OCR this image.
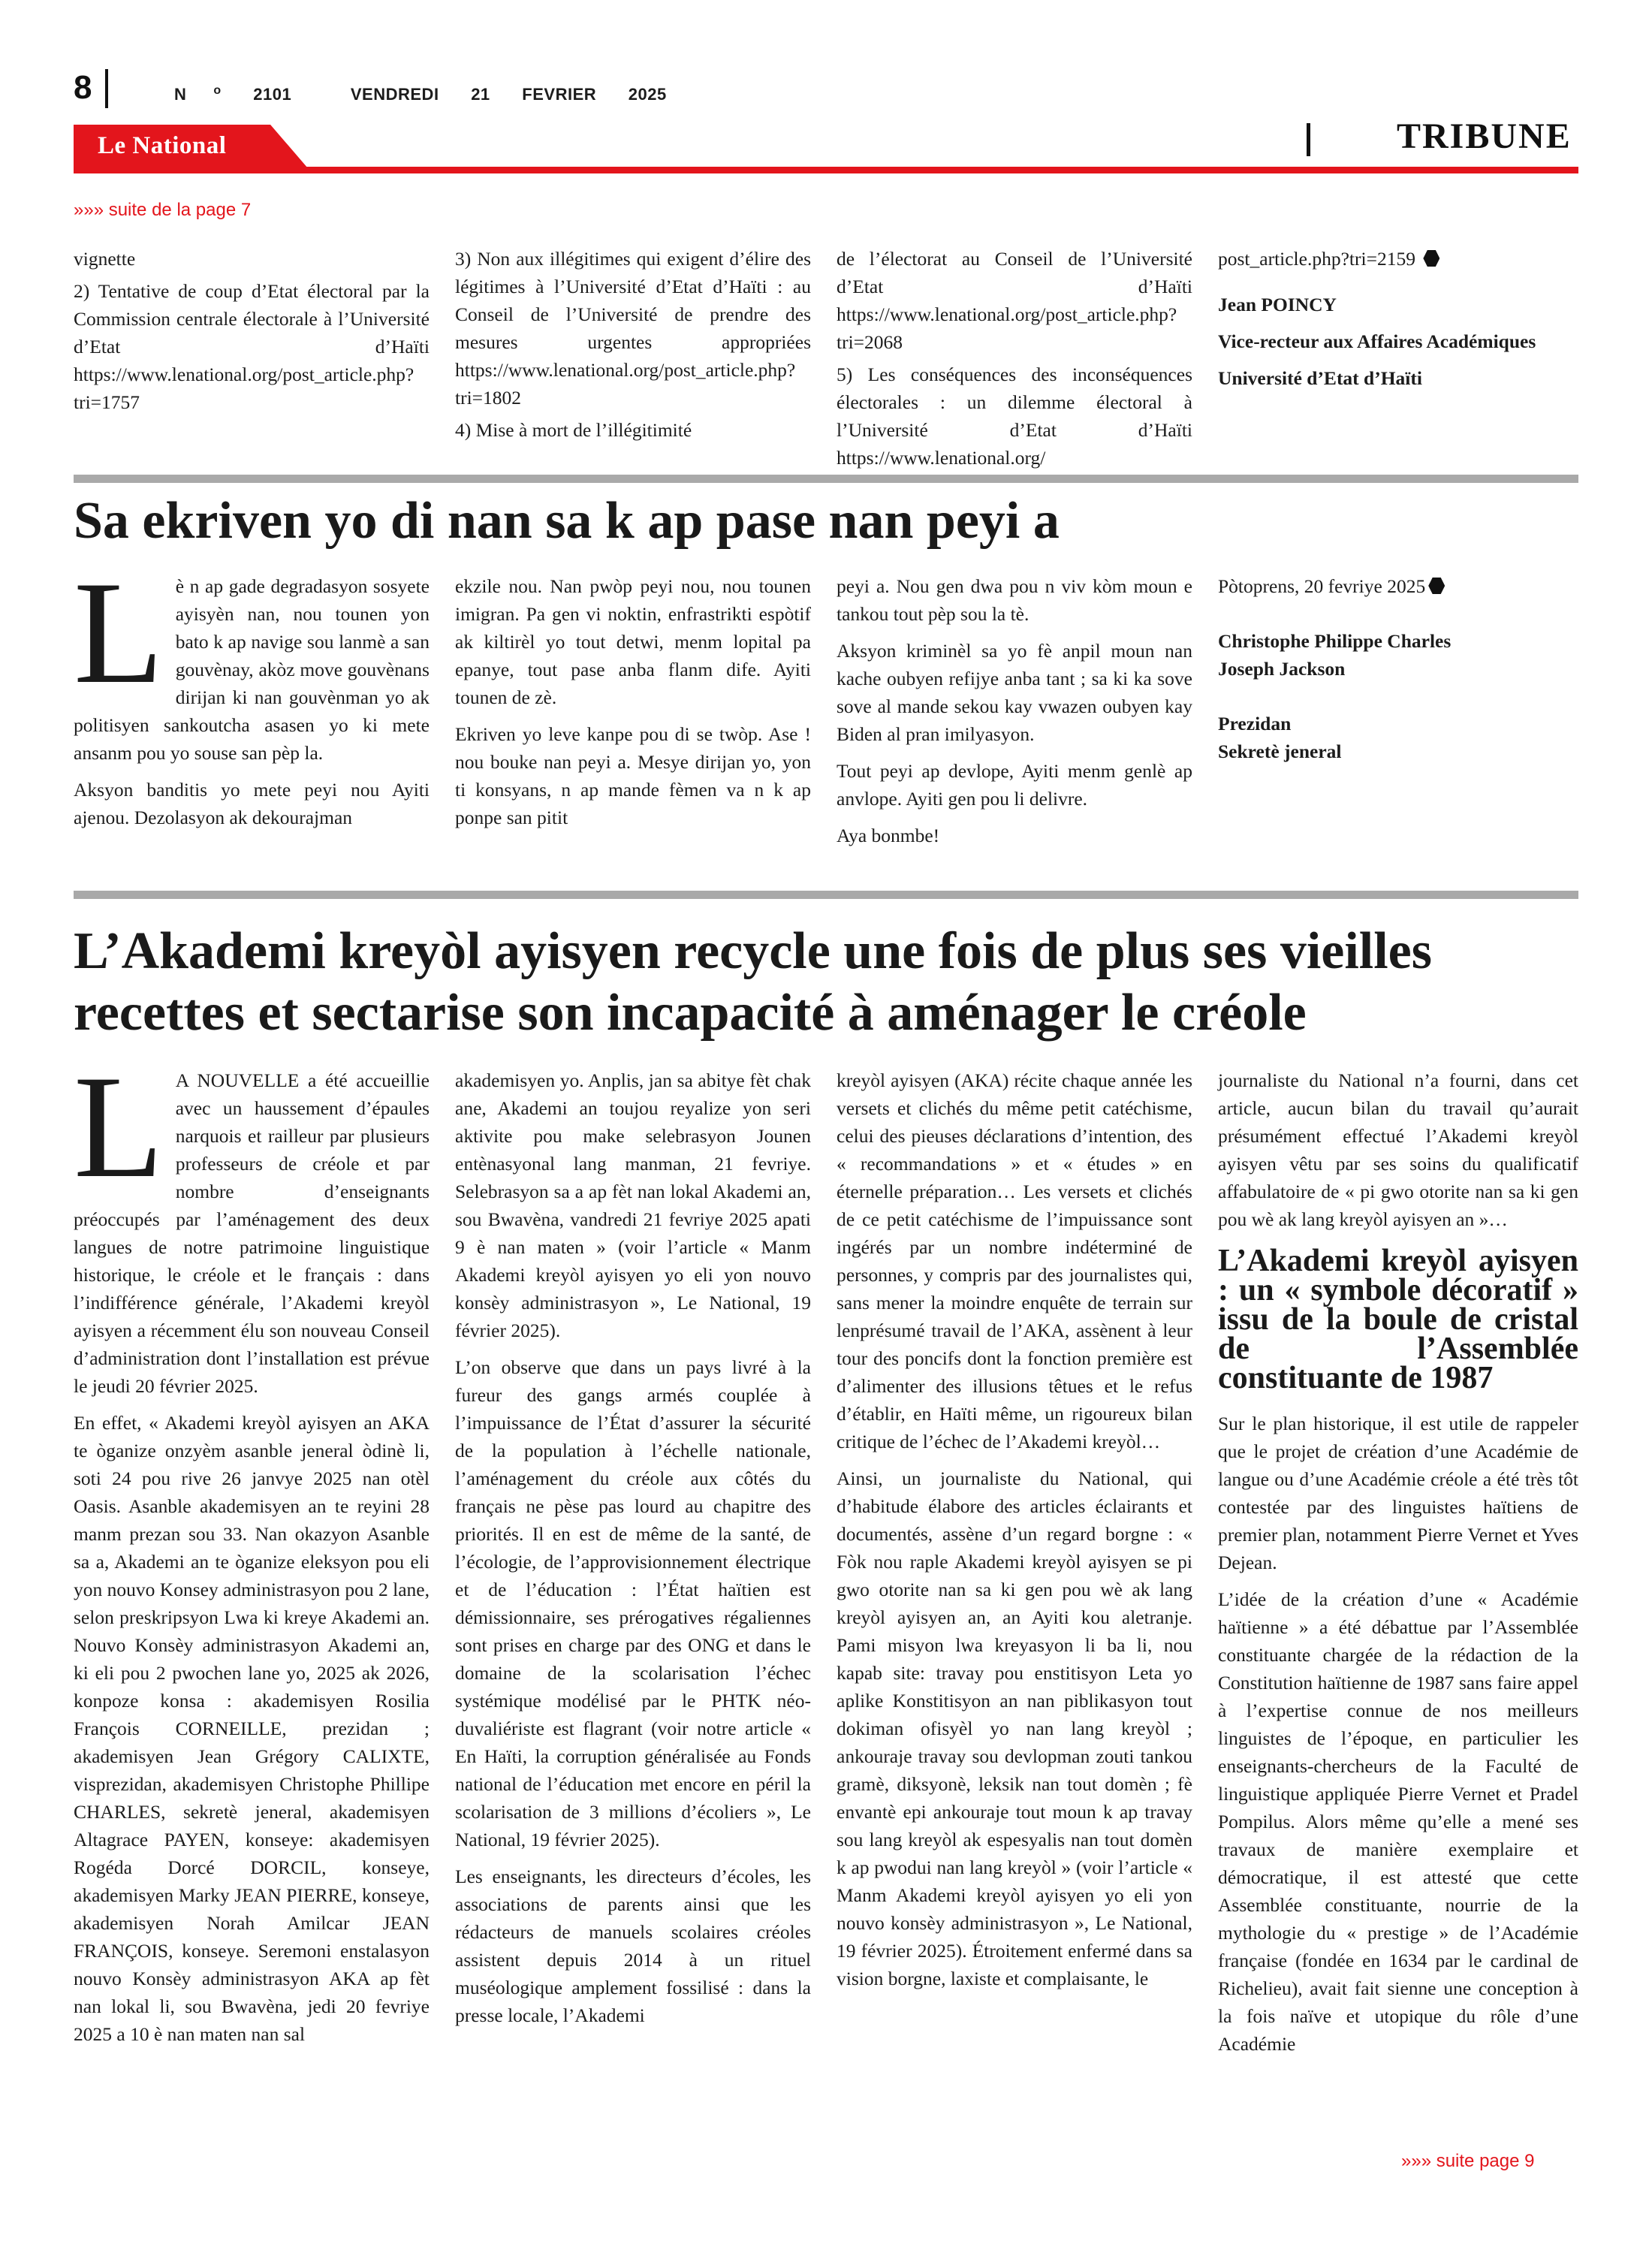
8	N $^o$ 2101	VENDREDI 21 FEVRIER 2025
Le National	TRIBUNE
»»» suite de la page 7

vignette

2) Tentative de coup d’Etat électoral par la Commission centrale électorale à l’Université d’Etat d’Haïti https://www.lenational.org/post_article.php?tri=1757

3) Non aux illégitimes qui exigent d’élire des légitimes à l’Université d’Etat d’Haïti : au Conseil de l’Université de prendre des mesures urgentes appropriées https://www.lenational.org/post_article.php?tri=1802

4) Mise à mort de l’illégitimité

de l’électorat au Conseil de l’Université d’Etat d’Haïti https://www.lenational.org/post_article.php?tri=2068

5) Les conséquences des inconséquences électorales : un dilemme électoral à l’Université d’Etat d’Haïti https://www.lenational.org/

post_article.php?tri=2159

Jean POINCY

Vice-recteur aux Affaires Académiques

Université d’Etat d’Haïti

Sa ekriven yo di nan sa k ap pase nan peyi a

Lè n ap gade degradasyon sosyete ayisyèn nan, nou tounen yon bato k ap navige sou lanmè a san gouvènay, akòz move gouvènans dirijan ki nan gouvènman yo ak politisyen sankoutcha asasen yo ki mete ansanm pou yo souse san pèp la.

Aksyon banditis yo mete peyi nou Ayiti ajenou. Dezolasyon ak dekourajman

ekzile nou. Nan pwòp peyi nou, nou tounen imigran. Pa gen vi noktin, enfrastrikti espòtif ak kiltirèl yo tout detwi, menm lopital pa epanye, tout pase anba flanm dife. Ayiti tounen de zè.

Ekriven yo leve kanpe pou di se twòp. Ase ! nou bouke nan peyi a. Mesye dirijan yo, yon ti konsyans, n ap mande fèmen va n k ap ponpe san pitit

peyi a. Nou gen dwa pou n viv kòm moun e tankou tout pèp sou la tè.

Aksyon kriminèl sa yo fè anpil moun nan kache oubyen refijye anba tant ; sa ki ka sove sove al mande sekou kay vwazen oubyen kay Biden al pran imilyasyon.

Tout peyi ap devlope, Ayiti menm genlè ap anvlope. Ayiti gen pou li delivre.

Aya bonmbe!

Pòtoprens, 20 fevriye 2025

Christophe Philippe Charles

Joseph Jackson

Prezidan

Sekretè jeneral

L’Akademi kreyòl ayisyen recycle une fois de plus ses vieilles
recettes et sectarise son incapacité à aménager le créole

L A NOUVELLE a été accueillie avec un haussement d’épaules narquois et railleur par plusieurs professeurs de créole et par nombre d’enseignants préoccupés par l’aménagement des deux langues de notre patrimoine linguistique historique, le créole et le français : dans l’indifférence générale, l’Akademi kreyòl ayisyen a récemment élu son nouveau Conseil d’administration dont l’installation est prévue le jeudi 20 février 2025.

En effet, « Akademi kreyòl ayisyen an AKA te òganize onzyèm asanble jeneral òdinè li, soti 24 pou rive 26 janvye 2025 nan otèl Oasis. Asanble akademisyen an te reyini 28 manm prezan sou 33. Nan okazyon Asanble sa a, Akademi an te òganize eleksyon pou eli yon nouvo Konsey administrasyon pou 2 lane, selon preskripsyon Lwa ki kreye Akademi an. Nouvo Konsèy administrasyon Akademi an, ki eli pou 2 pwochen lane yo, 2025 ak 2026, konpoze konsa : akademisyen Rosilia François CORNEILLE, prezidan ; akademisyen Jean Grégory CALIXTE, visprezidan, akademisyen Christophe Phillipe CHARLES, sekretè jeneral, akademisyen Altagrace PAYEN, konseye: akademisyen Rogéda Dorcé DORCIL, konseye, akademisyen Marky JEAN PIERRE, konseye, akademisyen Norah Amilcar JEAN FRANÇOIS, konseye. Seremoni enstalasyon nouvo Konsèy administrasyon AKA ap fèt nan lokal li, sou Bwavèna, jedi 20 fevriye 2025 a 10 è nan maten nan sal

akademisyen yo. Anplis, jan sa abitye fèt chak ane, Akademi an toujou reyalize yon seri aktivite pou make selebrasyon Jounen entènasyonal lang manman, 21 fevriye. Selebrasyon sa a ap fèt nan lokal Akademi an, sou Bwavèna, vandredi 21 fevriye 2025 apati 9 è nan maten » (voir l’article « Manm Akademi kreyòl ayisyen yo eli yon nouvo konsèy administrasyon », Le National, 19 février 2025).

L’on observe que dans un pays livré à la fureur des gangs armés couplée à l’impuissance de l’État d’assurer la sécurité de la population à l’échelle nationale, l’aménagement du créole aux côtés du français ne pèse pas lourd au chapitre des priorités. Il en est de même de la santé, de l’écologie, de l’approvisionnement électrique et de l’éducation : l’État haïtien est démissionnaire, ses prérogatives régaliennes sont prises en charge par des ONG et dans le domaine de la scolarisation l’échec systémique modélisé par le PHTK néo-duvaliériste est flagrant (voir notre article « En Haïti, la corruption généralisée au Fonds national de l’éducation met encore en péril la scolarisation de 3 millions d’écoliers », Le National, 19 février 2025).

Les enseignants, les directeurs d’écoles, les associations de parents ainsi que les rédacteurs de manuels scolaires créoles assistent depuis 2014 à un rituel muséologique amplement fossilisé : dans la presse locale, l’Akademi

kreyòl ayisyen (AKA) récite chaque année les versets et clichés du même petit catéchisme, celui des pieuses déclarations d’intention, des « recommandations » et « études » en éternelle préparation… Les versets et clichés de ce petit catéchisme de l’impuissance sont ingérés par un nombre indéterminé de personnes, y compris par des journalistes qui, sans mener la moindre enquête de terrain sur lenprésumé travail de l’AKA, assènent à leur tour des poncifs dont la fonction première est d’alimenter des illusions têtues et le refus d’établir, en Haïti même, un rigoureux bilan critique de l’échec de l’Akademi kreyòl…

Ainsi, un journaliste du National, qui d’habitude élabore des articles éclairants et documentés, assène d’un regard borgne : « Fòk nou raple Akademi kreyòl ayisyen se pi gwo otorite nan sa ki gen pou wè ak lang kreyòl ayisyen an, an Ayiti kou aletranje. Pami misyon lwa kreyasyon li ba li, nou kapab site: travay pou enstitisyon Leta yo aplike Konstitisyon an nan piblikasyon tout dokiman ofisyèl yo nan lang kreyòl ; ankouraje travay sou devlopman zouti tankou gramè, diksyonè, leksik nan tout domèn ; fè envantè epi ankouraje tout moun k ap travay sou lang kreyòl ak espesyalis nan tout domèn k ap pwodui nan lang kreyòl » (voir l’article « Manm Akademi kreyòl ayisyen yo eli yon nouvo konsèy administrasyon », Le National, 19 février 2025). Étroitement enfermé dans sa vision borgne, laxiste et complaisante, le

journaliste du National n’a fourni, dans cet article, aucun bilan du travail qu’aurait présumément effectué l’Akademi kreyòl ayisyen vêtu par ses soins du qualificatif affabulatoire de « pi gwo otorite nan sa ki gen pou wè ak lang kreyòl ayisyen an »…

L’Akademi kreyòl ayisyen : un « symbole décoratif » issu de la boule de cristal de l’Assemblée constituante de 1987

Sur le plan historique, il est utile de rappeler que le projet de création d’une Académie de langue ou d’une Académie créole a été très tôt contestée par des linguistes haïtiens de premier plan, notamment Pierre Vernet et Yves Dejean.

L’idée de la création d’une « Académie haïtienne » a été débattue par l’Assemblée constituante chargée de la rédaction de la Constitution haïtienne de 1987 sans faire appel à l’expertise connue de nos meilleurs linguistes de l’époque, en particulier les enseignants-chercheurs de la Faculté de linguistique appliquée Pierre Vernet et Pradel Pompilus. Alors même qu’elle a mené ses travaux de manière exemplaire et démocratique, il est attesté que cette Assemblée constituante, nourrie de la mythologie du « prestige » de l’Académie française (fondée en 1634 par le cardinal de Richelieu), avait fait sienne une conception à la fois naïve et utopique du rôle d’une Académie

»»» suite page 9
